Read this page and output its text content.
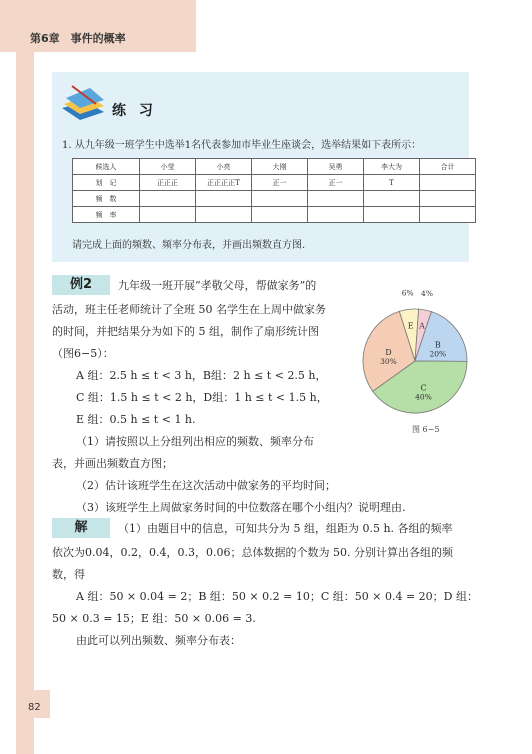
第6章　事件的概率
练 习
1. 从九年级一班学生中选举1名代表参加市毕业生座谈会，选举结果如下表所示：
候选人	小莹	小亮	大刚	吴勇	李大为	合计
划　记	正正正	正正正正T	正一	正一	T	
频　数						
频　率						
请完成上面的频数、频率分布表，并画出频数直方图.
例2	九年级一班开展“孝敬父母，帮做家务”的
活动，班主任老师统计了全班 50 名学生在上周中做家务
的时间，并把结果分为如下的 5 组，制作了扇形统计图
（图6−5）：
A 组：2.5 h ≤ t < 3 h，B组：2 h ≤ t < 2.5 h，
C 组：1.5 h ≤ t < 2 h，D组：1 h ≤ t < 1.5 h，
E 组：0.5 h ≤ t < 1 h.
（1）请按照以上分组列出相应的频数、频率分布
表，并画出频数直方图；
（2）估计该班学生在这次活动中做家务的平均时间；
（3）该班学生上周做家务时间的中位数落在哪个小组内？说明理由.
E
6%
A
4%
B
20%
C
40%
D
30%
图 6−5
解	（1）由题目中的信息，可知共分为 5 组，组距为 0.5 h. 各组的频率
依次为0.04，0.2，0.4，0.3，0.06；总体数据的个数为 50. 分别计算出各组的频
数，得
A 组：50 × 0.04 = 2；B 组：50 × 0.2 = 10；C 组：50 × 0.4 = 20；D 组：
50 × 0.3 = 15；E 组：50 × 0.06 = 3.
由此可以列出频数、频率分布表：
82
